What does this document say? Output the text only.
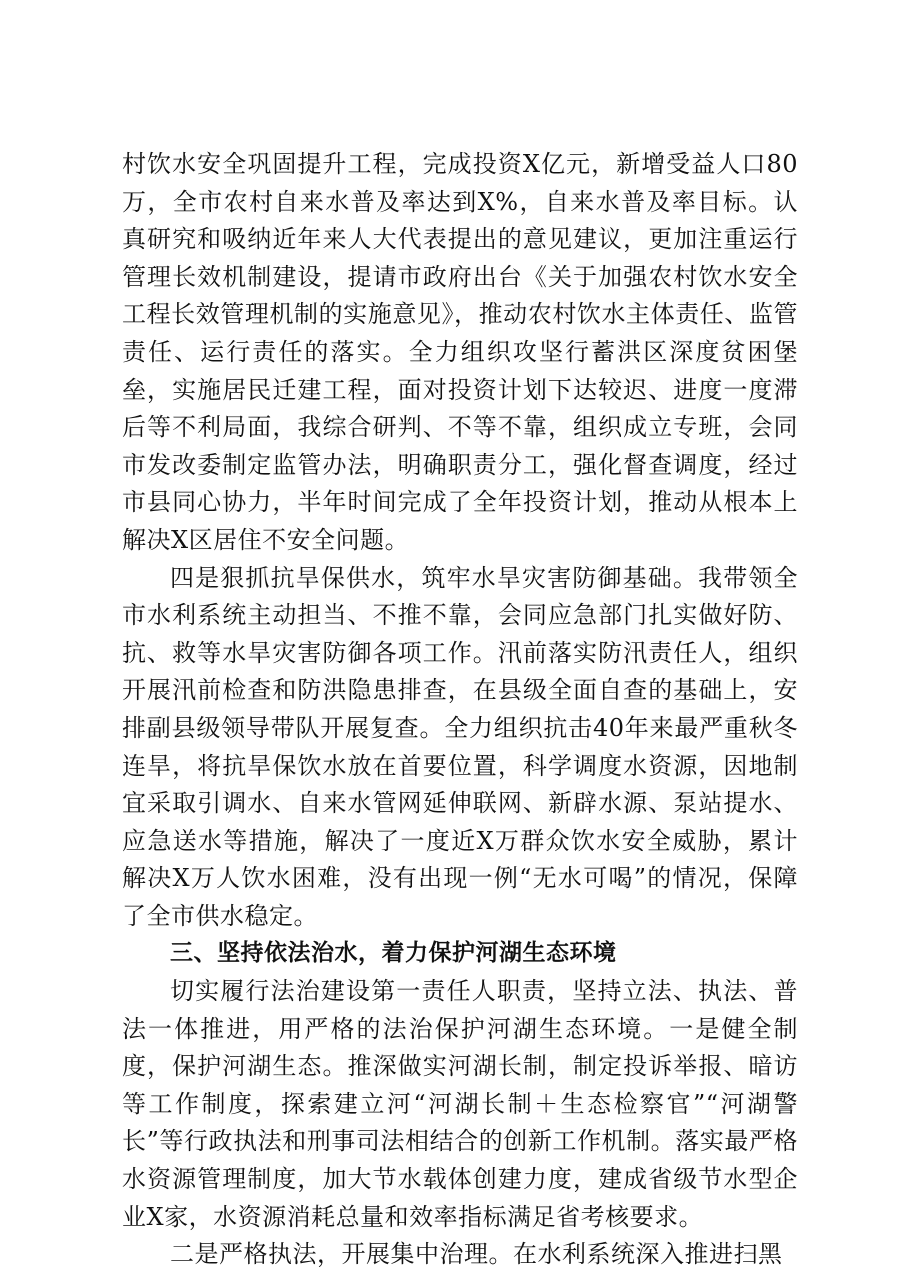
村饮水安全巩固提升工程，完成投资X亿元，新增受益人口80万，全市农村自来水普及率达到X%，自来水普及率目标。认真研究和吸纳近年来人大代表提出的意见建议，更加注重运行管理长效机制建设，提请市政府出台《关于加强农村饮水安全工程长效管理机制的实施意见》，推动农村饮水主体责任、监管责任、运行责任的落实。全力组织攻坚行蓄洪区深度贫困堡垒，实施居民迁建工程，面对投资计划下达较迟、进度一度滞后等不利局面，我综合研判、不等不靠，组织成立专班，会同市发改委制定监管办法，明确职责分工，强化督查调度，经过市县同心协力，半年时间完成了全年投资计划，推动从根本上解决X区居住不安全问题。

四是狠抓抗旱保供水，筑牢水旱灾害防御基础。我带领全市水利系统主动担当、不推不靠，会同应急部门扎实做好防、抗、救等水旱灾害防御各项工作。汛前落实防汛责任人，组织开展汛前检查和防洪隐患排查，在县级全面自查的基础上，安排副县级领导带队开展复查。全力组织抗击40年来最严重秋冬连旱，将抗旱保饮水放在首要位置，科学调度水资源，因地制宜采取引调水、自来水管网延伸联网、新辟水源、泵站提水、应急送水等措施，解决了一度近X万群众饮水安全威胁，累计解决X万人饮水困难，没有出现一例“无水可喝”的情况，保障了全市供水稳定。

三、坚持依法治水，着力保护河湖生态环境

切实履行法治建设第一责任人职责，坚持立法、执法、普法一体推进，用严格的法治保护河湖生态环境。一是健全制度，保护河湖生态。推深做实河湖长制，制定投诉举报、暗访等工作制度，探索建立河“河湖长制＋生态检察官”“河湖警长”等行政执法和刑事司法相结合的创新工作机制。落实最严格水资源管理制度，加大节水载体创建力度，建成省级节水型企业X家，水资源消耗总量和效率指标满足省考核要求。

二是严格执法，开展集中治理。在水利系统深入推进扫黑
